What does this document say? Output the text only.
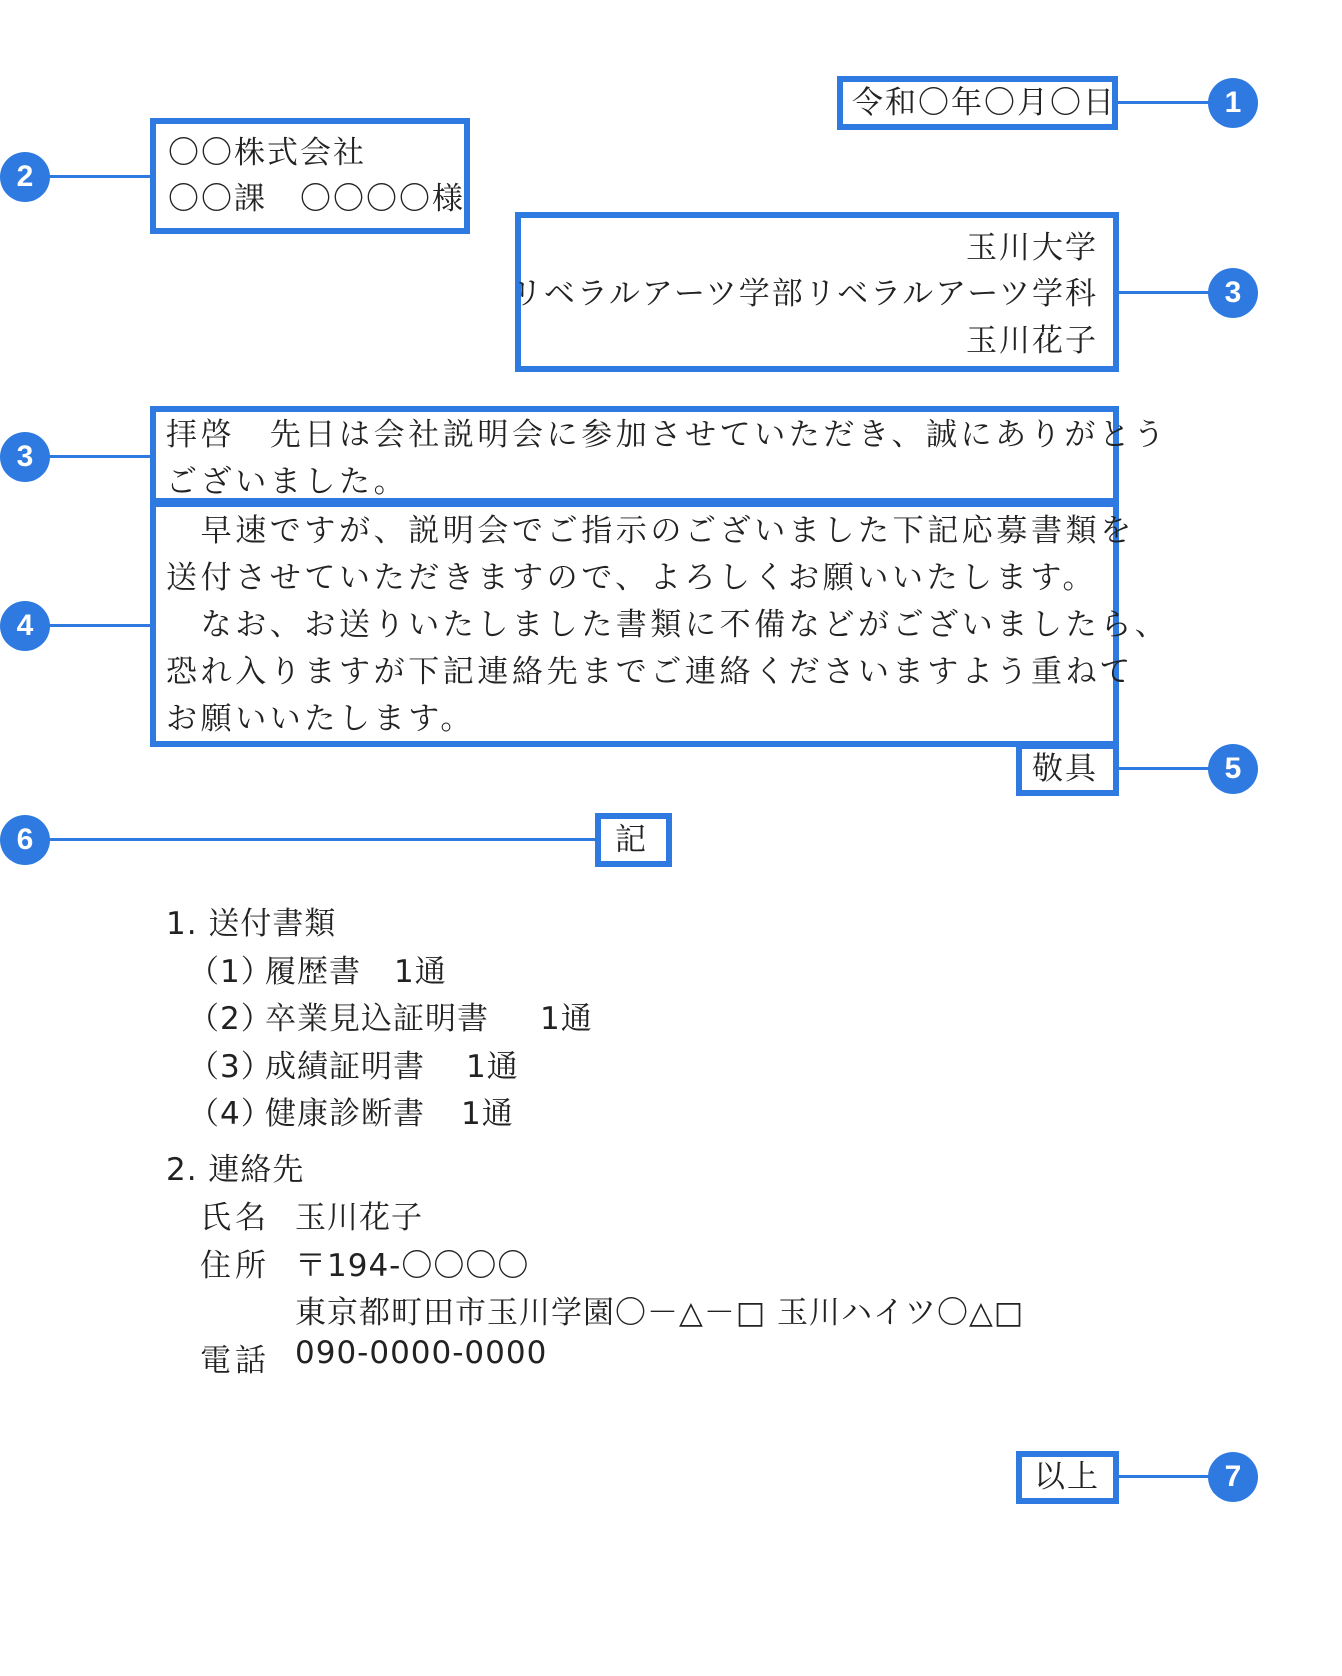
令和〇年〇月〇日	1
〇〇株式会社
〇〇課　〇〇〇〇様
2
玉川大学
リベラルアーツ学部リベラルアーツ学科
玉川花子
3
拝啓　先日は会社説明会に参加させていただき、誠にありがとう
ございました。
3
　早速ですが、説明会でご指示のございました下記応募書類を
送付させていただきますので、よろしくお願いいたします。
　なお、お送りいたしました書類に不備などがございましたら、
恐れ入りますが下記連絡先までご連絡くださいますよう重ねて
お願いいたします。
4
敬具	5
記
6
1. 送付書類
（1）
履歴書 1通
（2）
卒業見込証明書 1通
（3）
成績証明書 1通
（4）
健康診断書 1通
2. 連絡先
氏名 玉川花子
住所 〒194-〇〇〇〇
東京都町田市玉川学園〇－△－□ 玉川ハイツ〇△□
電話 090-0000-0000
以上	7
